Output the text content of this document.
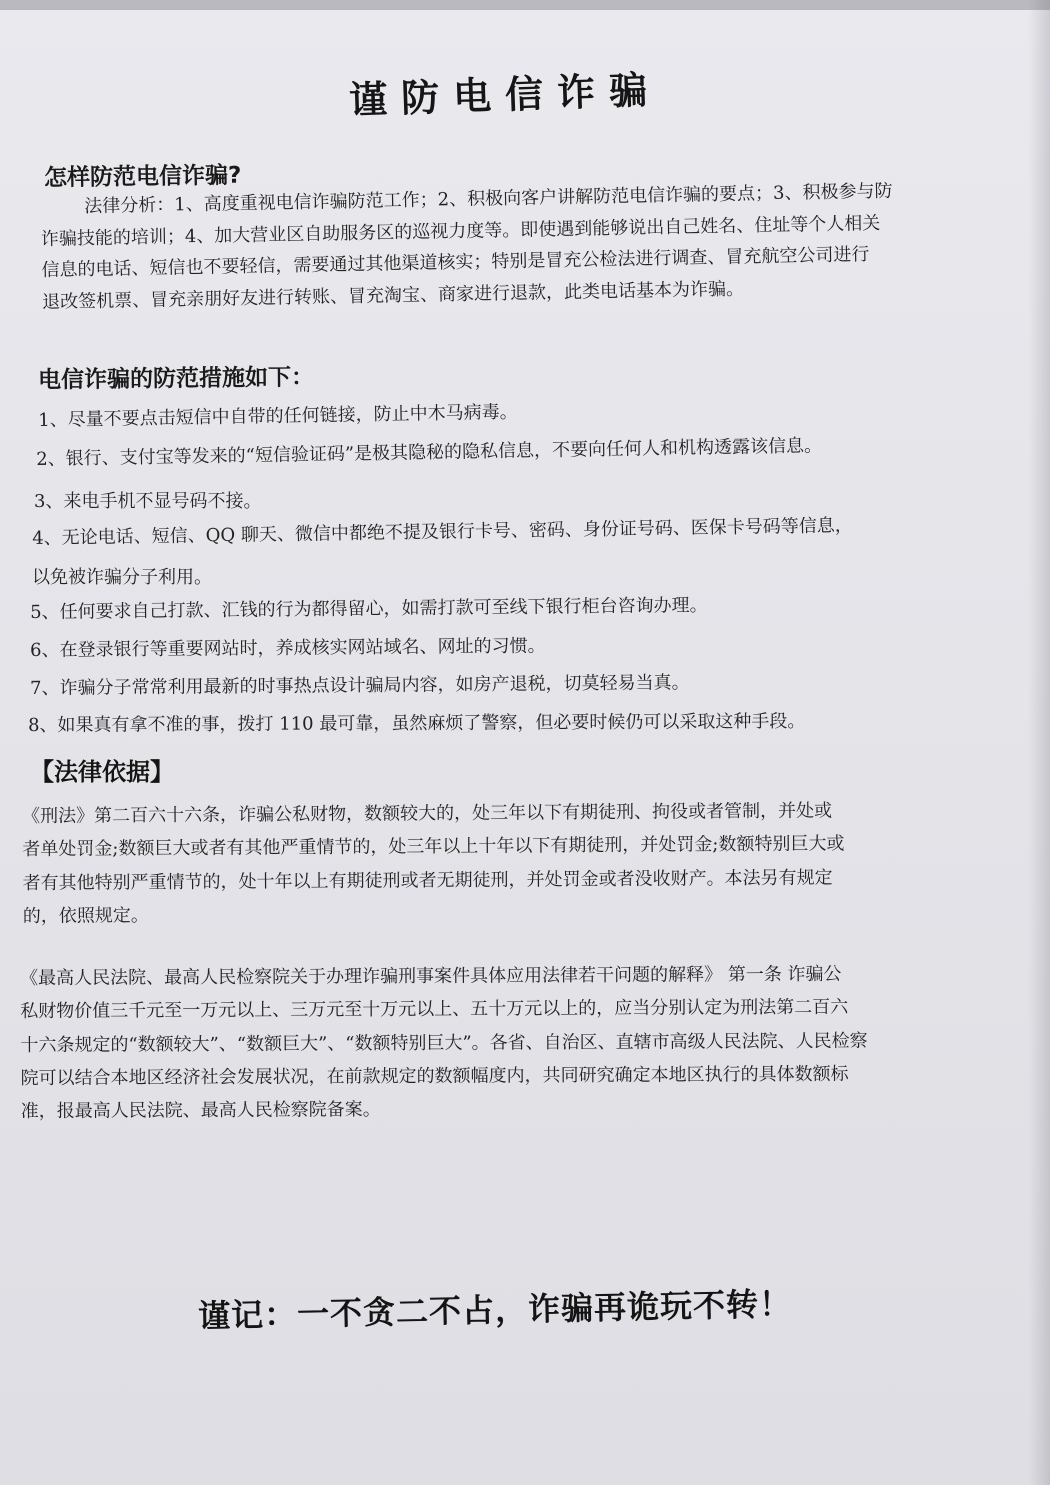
谨防电信诈骗
怎样防范电信诈骗?
法律分析：1、高度重视电信诈骗防范工作；2、积极向客户讲解防范电信诈骗的要点；3、积极参与防
诈骗技能的培训；4、加大营业区自助服务区的巡视力度等。即使遇到能够说出自己姓名、住址等个人相关
信息的电话、短信也不要轻信，需要通过其他渠道核实；特别是冒充公检法进行调查、冒充航空公司进行
退改签机票、冒充亲朋好友进行转账、冒充淘宝、商家进行退款，此类电话基本为诈骗。
电信诈骗的防范措施如下：
1、尽量不要点击短信中自带的任何链接，防止中木马病毒。
2、银行、支付宝等发来的“短信验证码”是极其隐秘的隐私信息，不要向任何人和机构透露该信息。
3、来电手机不显号码不接。
4、无论电话、短信、QQ 聊天、微信中都绝不提及银行卡号、密码、身份证号码、医保卡号码等信息，
以免被诈骗分子利用。
5、任何要求自己打款、汇钱的行为都得留心，如需打款可至线下银行柜台咨询办理。
6、在登录银行等重要网站时，养成核实网站域名、网址的习惯。
7、诈骗分子常常利用最新的时事热点设计骗局内容，如房产退税，切莫轻易当真。
8、如果真有拿不准的事，拨打 110 最可靠，虽然麻烦了警察，但必要时候仍可以采取这种手段。
【法律依据】
《刑法》第二百六十六条，诈骗公私财物，数额较大的，处三年以下有期徒刑、拘役或者管制，并处或
者单处罚金;数额巨大或者有其他严重情节的，处三年以上十年以下有期徒刑，并处罚金;数额特别巨大或
者有其他特别严重情节的，处十年以上有期徒刑或者无期徒刑，并处罚金或者没收财产。本法另有规定
的，依照规定。
《最高人民法院、最高人民检察院关于办理诈骗刑事案件具体应用法律若干问题的解释》 第一条 诈骗公
私财物价值三千元至一万元以上、三万元至十万元以上、五十万元以上的，应当分别认定为刑法第二百六
十六条规定的“数额较大”、“数额巨大”、“数额特别巨大”。各省、自治区、直辖市高级人民法院、人民检察
院可以结合本地区经济社会发展状况，在前款规定的数额幅度内，共同研究确定本地区执行的具体数额标
准，报最高人民法院、最高人民检察院备案。
谨记：一不贪二不占，诈骗再诡玩不转！
